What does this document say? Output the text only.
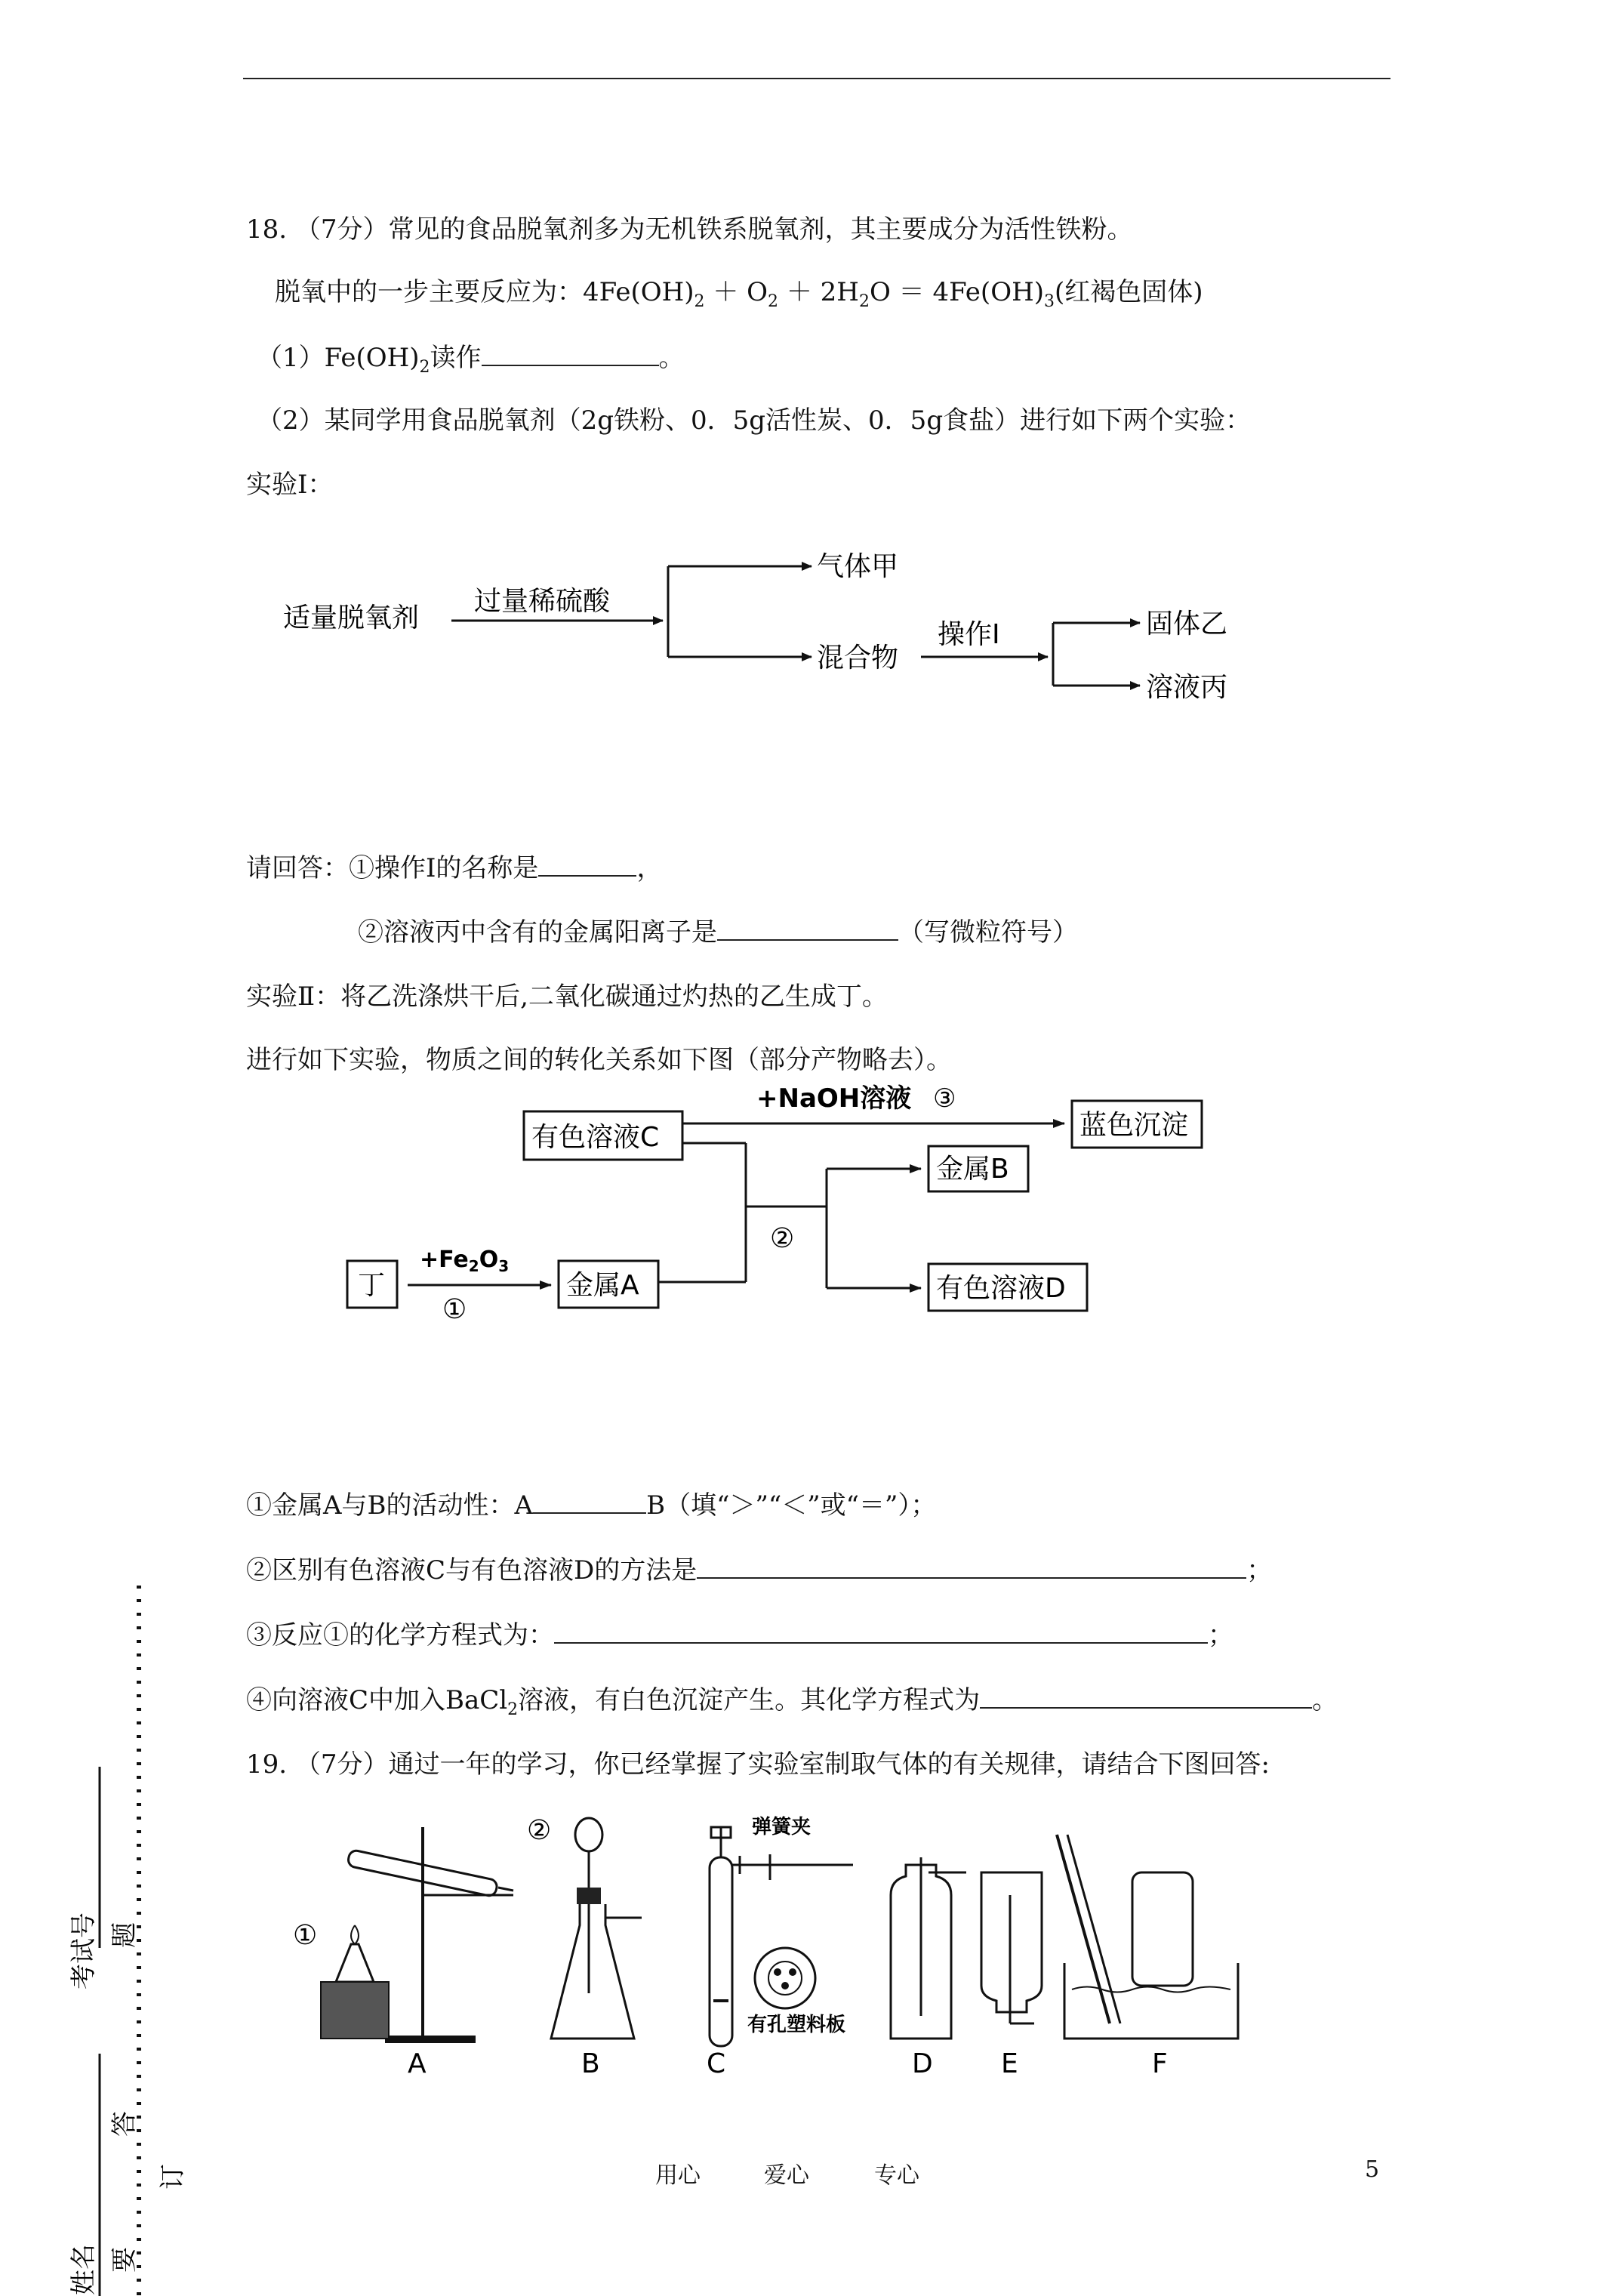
18. （7分）常见的食品脱氧剂多为无机铁系脱氧剂，其主要成分为活性铁粉。
脱氧中的一步主要反应为：$4Fe(OH)_2 + O_2 + 2H_2O = 4Fe(OH)_3$(红褐色固体)
$(1)Fe(OH)_2$读作	。
（2）某同学用食品脱氧剂（2g铁粉、0．5g活性炭、0．5g食盐）进行如下两个实验：
实验Ⅰ：
适量脱氧剂
过量稀硫酸
气体甲
混合物
操作Ⅰ	固体乙
溶液丙
请回答：①操作Ⅰ的名称是	，
②溶液丙中含有的金属阳离子是	（写微粒符号）
实验Ⅱ：将乙洗涤烘干后,二氧化碳通过灼热的乙生成丁。
进行如下实验，物质之间的转化关系如下图（部分产物略去）。
有色溶液C
+NaOH溶液 ③
蓝色沉淀
②
金属B
有色溶液D
丁
$+Fe_2O_3$
①
金属A
①金属A与B的活动性：A	B（填“＞”“＜”或“＝”）；
②区别有色溶液C与有色溶液D的方法是	；
③反应①的化学方程式为：	；
④向溶液C中加入BaCl$_2$溶液，有白色沉淀产生。其化学方程式为	。
19. （7分）通过一年的学习，你已经掌握了实验室制取气体的有关规律，请结合下图回答:
①
A
②
B
弹簧夹
有孔塑料板
C	D	E	F
考试号 题
答
订
要
姓名
用心	爱心	专心	5
